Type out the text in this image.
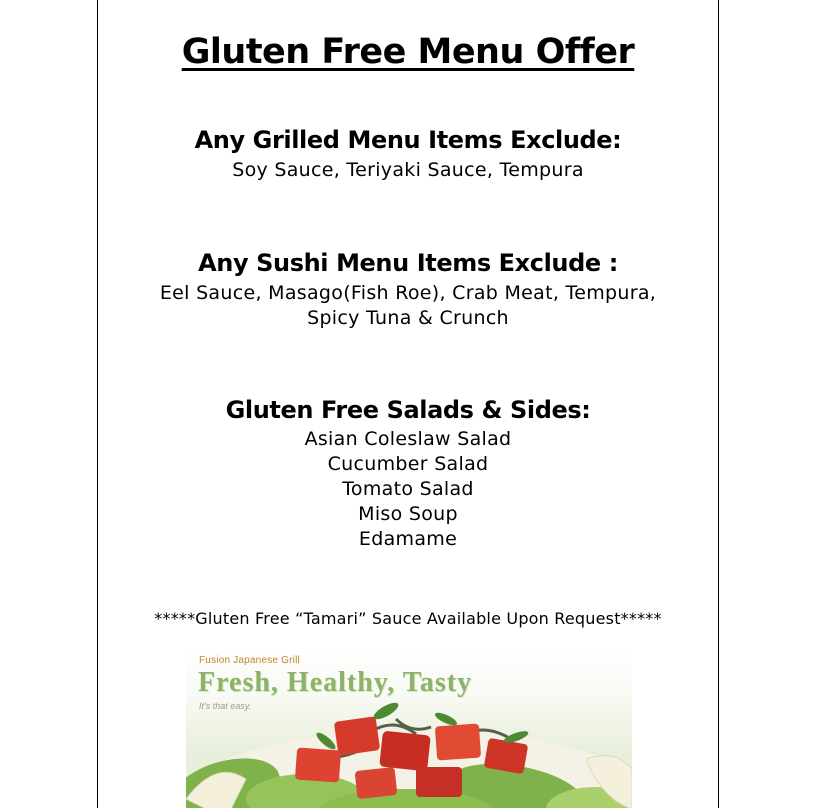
Gluten Free Menu Offer
Any Grilled Menu Items Exclude:
Soy Sauce, Teriyaki Sauce, Tempura
Any Sushi Menu Items Exclude :
Eel Sauce, Masago(Fish Roe), Crab Meat, Tempura,
Spicy Tuna & Crunch
Gluten Free Salads & Sides:
Asian Coleslaw Salad
Cucumber Salad
Tomato Salad
Miso Soup
Edamame
*****Gluten Free “Tamari” Sauce Available Upon Request*****
Fusion Japanese Grill
Fresh, Healthy, Tasty
It's that easy.
